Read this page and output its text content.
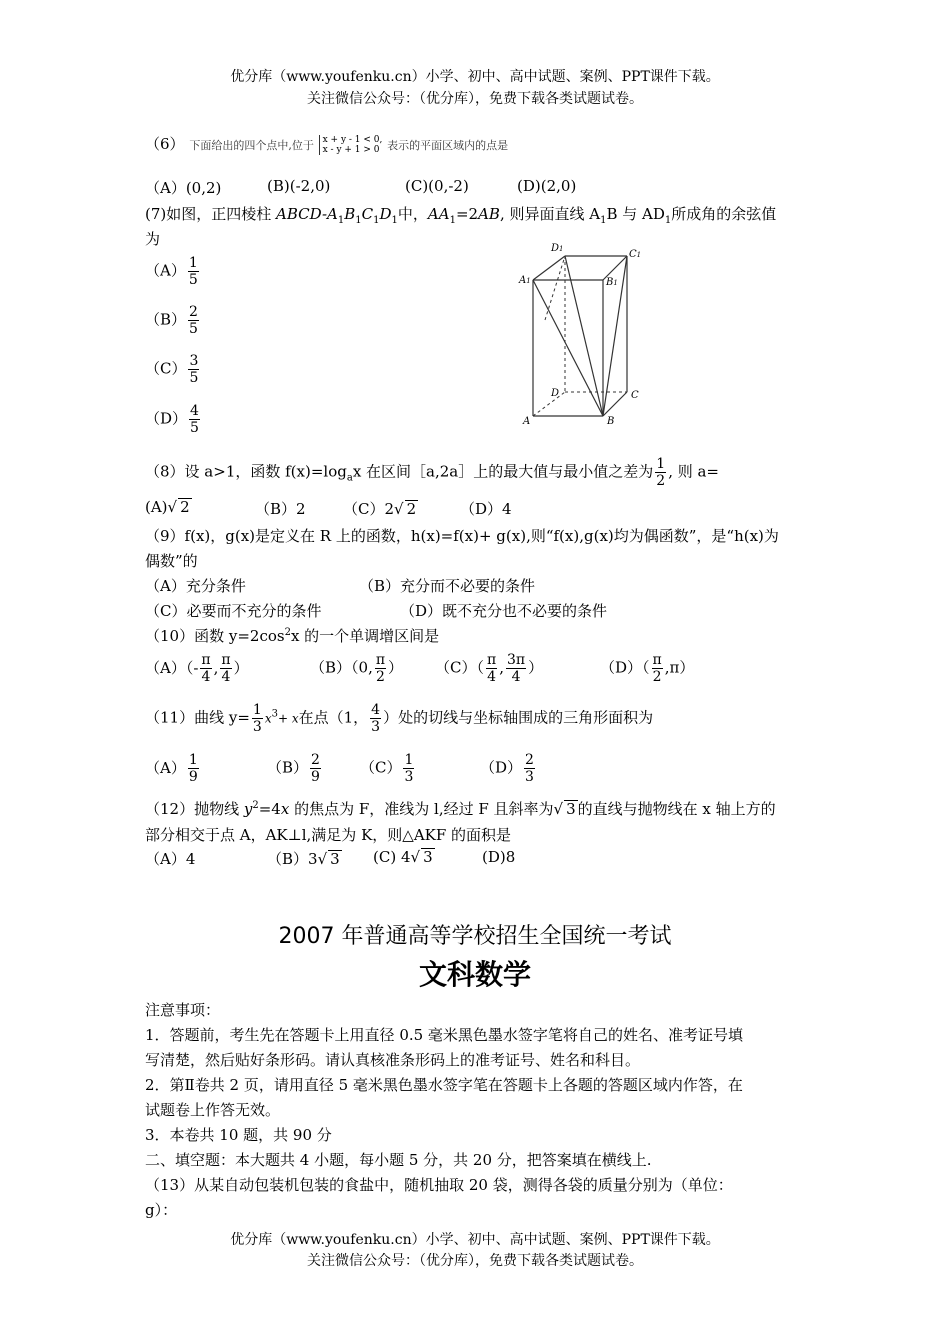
优分库（www.youfenku.cn）小学、初中、高中试题、案例、PPT课件下载。
关注微信公众号：（优分库），免费下载各类试题试卷。
（6） 下面给出的四个点中,位于 x + y - 1 < 0,
x - y + 1 > 0 表示的平面区域内的点是
（A）(0,2)	(B)(-2,0)	(C)(0,-2)	(D)(2,0)
(7)如图，正四棱柱 ABCD-$A_1B_1C_1D_1$中，$AA_1=2AB$, 则异面直线 $A_1B$ 与 $AD_1$所成角的余弦值
为
$(A) \frac{1}{5}$
$(B) \frac{2}{5}$
$(C) \frac{3}{5}$
$(D) \frac{4}{5}$
D1	C1
A1	B1
D	C
A	B
（8）设 a>1，函数 $f(x)=\log_ax$ 在区间［a,2a］上的最大值与最小值之差为 $\frac{1}{2}$ , 则 a=
(A)√ 2	（B）2 （C）2√ 2	（D）4
（9）f(x)，g(x)是定义在 R 上的函数，h(x)=f(x)+ g(x),则“f(x),g(x)均为偶函数”，是“h(x)为
偶数”的
（A）充分条件	（B）充分而不必要的条件
（C）必要而不充分的条件	（D）既不充分也不必要的条件
（10）函数 $y=2\cos^2x$ 的一个单调增区间是
$(A)(- \frac{\pi}{4}$ , $\frac{\pi}{4}$ ）	（B）（0, $\frac{\pi}{2}$ ） $(C)( \frac{\pi}{4}$ , $\frac{3\pi}{4}$ ）	$(D)( \frac{\pi}{2} ,\pi)$
（11）曲线 $y= \frac{1}{3} x^3+ x$在点（1， $\frac{4}{3}$ ）处的切线与坐标轴围成的三角形面积为
$(A) \frac{1}{9}$	$(B) \frac{2}{9}$	$(C) \frac{1}{3}$	$(D) \frac{2}{3}$
（12）抛物线 $y^2=4x$ 的焦点为 F，准线为 l,经过 F 且斜率为√ 3 的直线与抛物线在 x 轴上方的
部分相交于点 A，AK⊥l,满足为 K，则△AKF 的面积是
（A）4	（B）3√ 3 (C) 4√ 3	(D)8
2007 年普通高等学校招生全国统一考试
文科数学
注意事项：
1．答题前，考生先在答题卡上用直径 0.5 毫米黑色墨水签字笔将自己的姓名、准考证号填
写清楚，然后贴好条形码。请认真核准条形码上的准考证号、姓名和科目。
2．第Ⅱ卷共 2 页，请用直径 5 毫米黑色墨水签字笔在答题卡上各题的答题区域内作答，在
试题卷上作答无效。
3．本卷共 10 题，共 90 分
二、填空题：本大题共 4 小题，每小题 5 分，共 20 分，把答案填在横线上.
（13）从某自动包装机包装的食盐中，随机抽取 20 袋，测得各袋的质量分别为（单位：
g）：
优分库（www.youfenku.cn）小学、初中、高中试题、案例、PPT课件下载。
关注微信公众号：（优分库），免费下载各类试题试卷。
